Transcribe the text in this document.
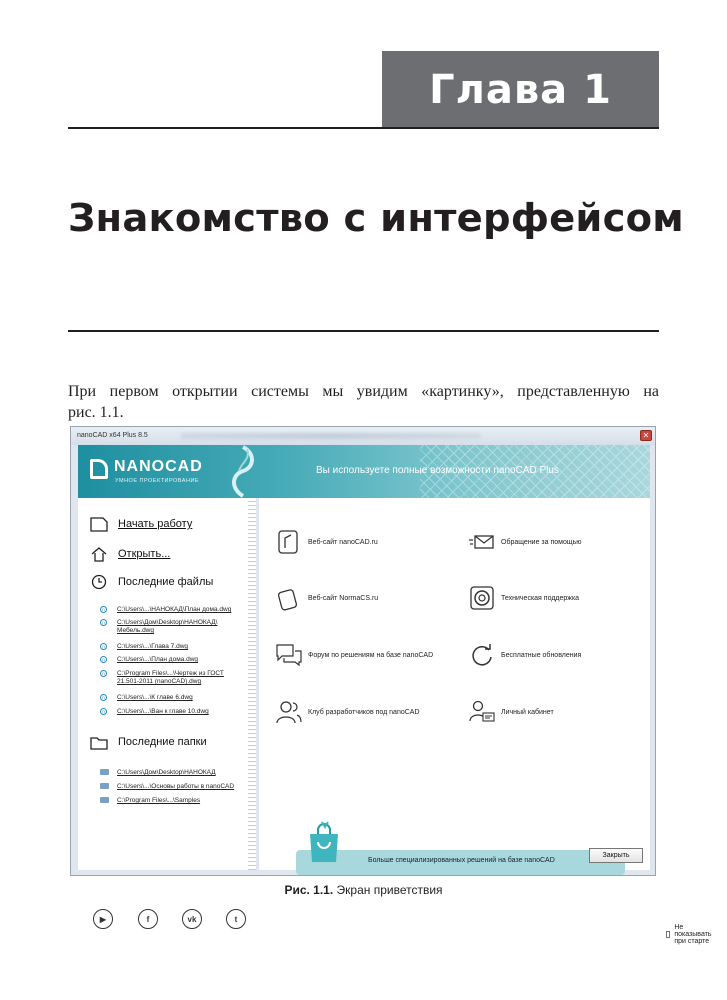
Глава 1
Знакомство с интерфейсом

При первом открытии системы мы увидим «картинку», представленную на
рис. 1.1.

nanoCAD x64 Plus 8.5	✕
NANOCAD
УМНОЕ ПРОЕКТИРОВАНИЕ
Вы используете полные возможности nanoCAD Plus
Начать работу
Открыть...
Последние файлы
n	C:\Users\...\НАНОКАД\План дома.dwg
n	C:\Users\Дом\Desktop\НАНОКАД\ Мебель.dwg
n	C:\Users\...\Глава 7.dwg
n	C:\Users\...\План дома.dwg
n	C:\Program Files\...\Чертеж из ГОСТ 21.501-2011 (nanoCAD).dwg
n	C:\Users\...\К главе 6.dwg
n	C:\Users\...\Ван к главе 10.dwg
Последние папки
C:\Users\Дом\Desktop\НАНОКАД
C:\Users\...\Основы работы в nanoCAD
C:\Program Files\...\Samples
▶	f	vk	t
Веб-сайт nanoCAD.ru	Обращение за помощью
Веб-сайт NormaCS.ru	Техническая поддержка
Форум по решениям на базе nanoCAD	Бесплатные обновления
Клуб разработчиков под nanoCAD	Личный кабинет
Больше специализированных решений на базе nanoCAD
Не показывать при старте
Закрыть
Рис. 1.1. Экран приветствия
